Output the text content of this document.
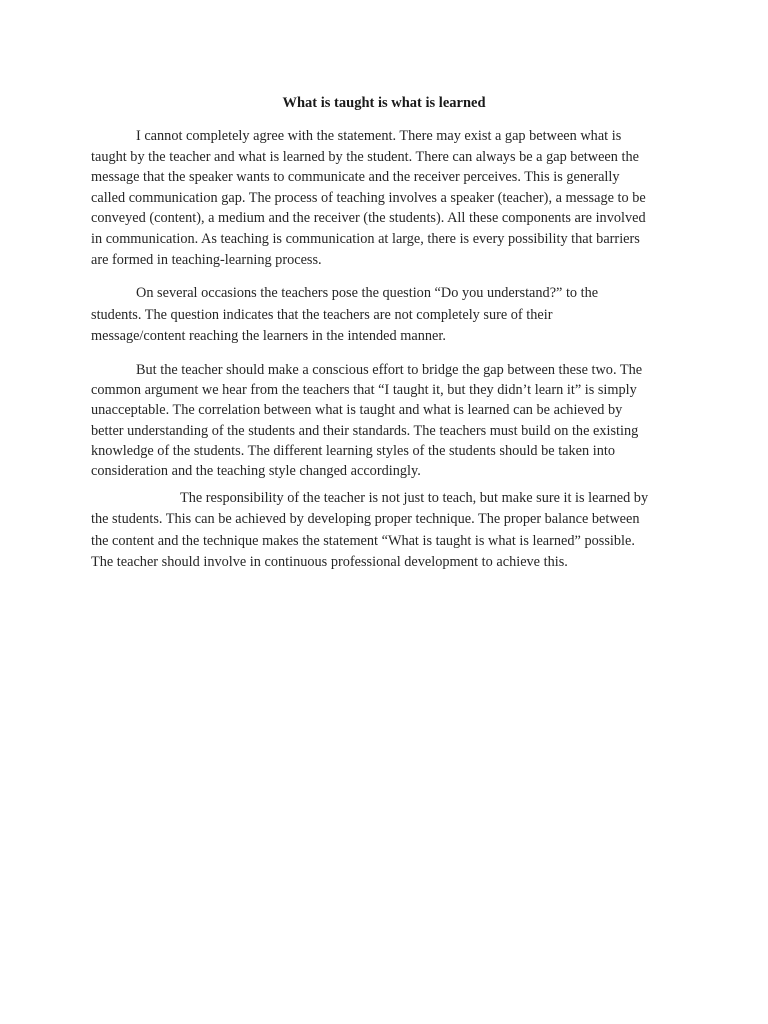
What is taught is what is learned

I cannot completely agree with the statement. There may exist a gap between what is
taught by the teacher and what is learned by the student. There can always be a gap between the
message that the speaker wants to communicate and the receiver perceives. This is generally
called communication gap. The process of teaching involves a speaker (teacher), a message to be
conveyed (content), a medium and the receiver (the students). All these components are involved
in communication. As teaching is communication at large, there is every possibility that barriers
are formed in teaching-learning process.

On several occasions the teachers pose the question “Do you understand?” to the
students. The question indicates that the teachers are not completely sure of their
message/content reaching the learners in the intended manner.

But the teacher should make a conscious effort to bridge the gap between these two. The
common argument we hear from the teachers that “I taught it, but they didn’t learn it” is simply
unacceptable. The correlation between what is taught and what is learned can be achieved by
better understanding of the students and their standards. The teachers must build on the existing
knowledge of the students. The different learning styles of the students should be taken into
consideration and the teaching style changed accordingly.

The responsibility of the teacher is not just to teach, but make sure it is learned by
the students. This can be achieved by developing proper technique. The proper balance between
the content and the technique makes the statement “What is taught is what is learned” possible.
The teacher should involve in continuous professional development to achieve this.
